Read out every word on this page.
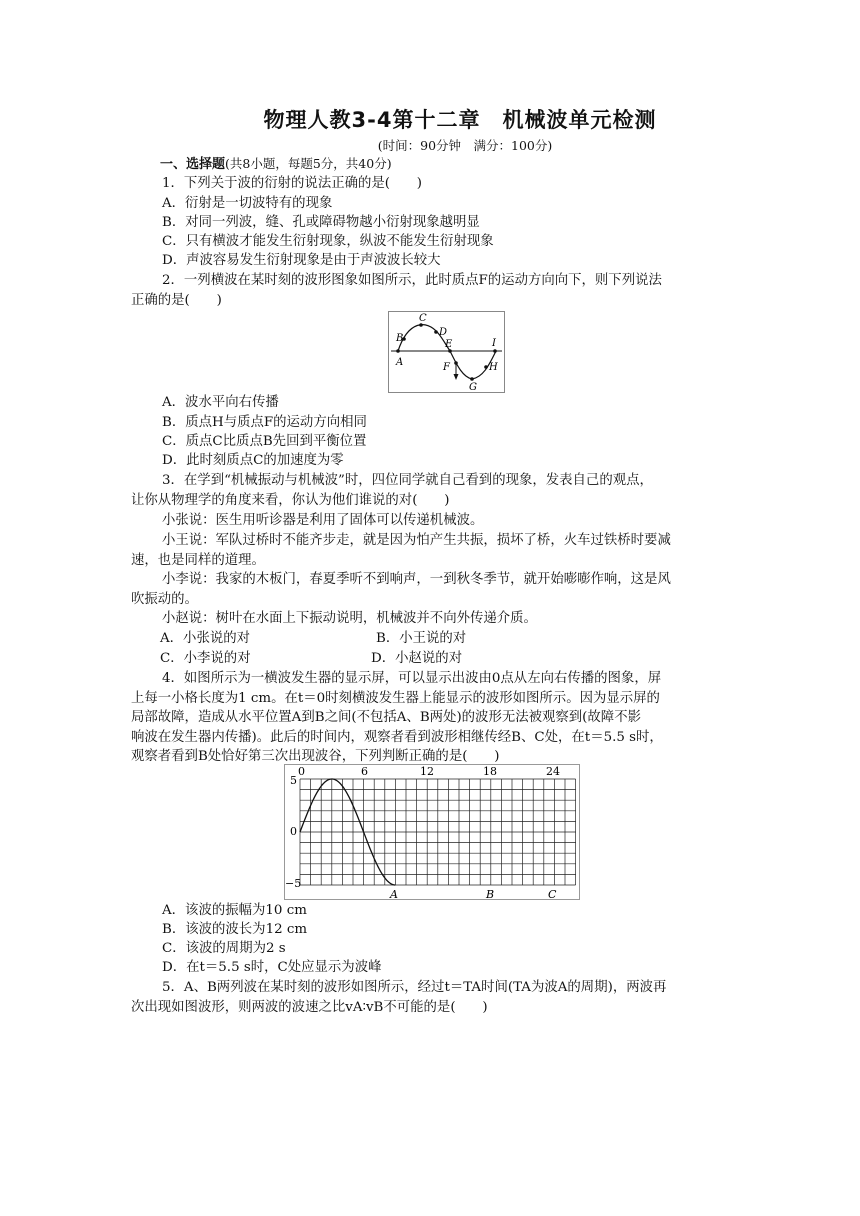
物理人教3-4第十二章　机械波单元检测
(时间：90分钟　满分：100分)
一、选择题(共8小题，每题5分，共40分)
1．下列关于波的衍射的说法正确的是(　　)
A．衍射是一切波特有的现象
B．对同一列波，缝、孔或障碍物越小衍射现象越明显
C．只有横波才能发生衍射现象，纵波不能发生衍射现象
D．声波容易发生衍射现象是由于声波波长较大
2．一列横波在某时刻的波形图象如图所示，此时质点F的运动方向向下，则下列说法
正确的是(　　)
A
B
C
D
E
F
G
H
I
A．波水平向右传播
B．质点H与质点F的运动方向相同
C．质点C比质点B先回到平衡位置
D．此时刻质点C的加速度为零
3．在学到“机械振动与机械波”时，四位同学就自己看到的现象，发表自己的观点，
让你从物理学的角度来看，你认为他们谁说的对(　　)
小张说：医生用听诊器是利用了固体可以传递机械波。
小王说：军队过桥时不能齐步走，就是因为怕产生共振，损坏了桥，火车过铁桥时要减
速，也是同样的道理。
小李说：我家的木板门，春夏季听不到响声，一到秋冬季节，就开始嘭嘭作响，这是风
吹振动的。
小赵说：树叶在水面上下振动说明，机械波并不向外传递介质。
A．小张说的对	B．小王说的对
C．小李说的对	D．小赵说的对
4．如图所示为一横波发生器的显示屏，可以显示出波由0点从左向右传播的图象，屏
上每一小格长度为1 cm。在t＝0时刻横波发生器上能显示的波形如图所示。因为显示屏的
局部故障，造成从水平位置A到B之间(不包括A、B两处)的波形无法被观察到(故障不影
响波在发生器内传播)。此后的时间内，观察者看到波形相继传经B、C处，在t＝5.5 s时，
观察者看到B处恰好第三次出现波谷，下列判断正确的是(　　)
0	6	12	18	24
5
0
−5
A	B	C
A．该波的振幅为10 cm
B．该波的波长为12 cm
C．该波的周期为2 s
D．在t＝5.5 s时，C处应显示为波峰
5．A、B两列波在某时刻的波形如图所示，经过t＝TA时间(TA为波A的周期)，两波再
次出现如图波形，则两波的波速之比vA∶vB不可能的是(　　)
